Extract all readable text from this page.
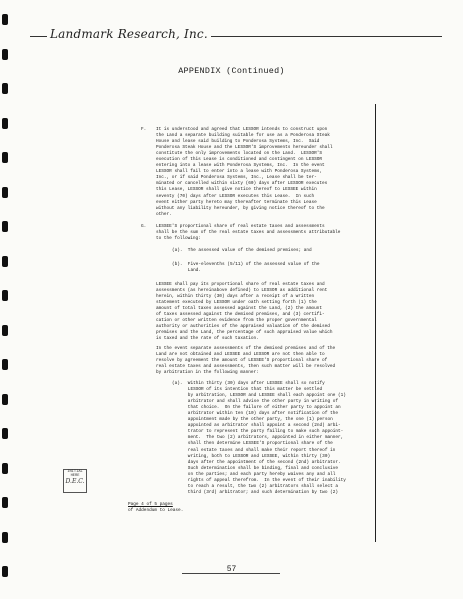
Landmark Research, Inc.
APPENDIX (Continued)
F. It is understood and agreed that LESSOR intends to construct upon
the Land a separate building suitable for use as a Ponderosa Steak
House and lease said building to Ponderosa Systems, Inc.  Said
Ponderosa Steak House and the LESSOR'S improvements hereunder shall
constitute the only improvements located on the Land.  LESSOR'S
execution of this Lease is conditioned and contingent on LESSOR
entering into a lease with Ponderosa Systems, Inc.  In the event
LESSOR shall fail to enter into a lease with Ponderosa Systems,
Inc., or if said Ponderosa Systems, Inc., Lease shall be ter-
minated or cancelled within sixty (60) days after LESSOR executes
this Lease, LESSOR shall give notice thereof to LESSEE within
seventy (70) days after LESSOR executes this Lease.  In such
event either party hereto may thereafter terminate this Lease
without any liability hereunder, by giving notice thereof to the
other.
G. LESSEE'S proportional share of real estate taxes and assessments
shall be the sum of the real estate taxes and assessments attributable
to the following:
(a).  The assessed value of the demised premises; and
(b).  Five-elevenths (5/11) of the assessed value of the
Land.
LESSEE shall pay its proportional share of real estate taxes and
assessments (as hereinabove defined) to LESSOR as additional rent
herein, within thirty (30) days after a receipt of a written
statement executed by LESSOR under oath setting forth (1) the
amount of total taxes assessed against the Land, (2) the amount
of taxes assessed against the demised premises, and (3) certifi-
cation or other written evidence from the proper governmental
authority or authorities of the appraised valuation of the demised
premises and the Land, the percentage of such appraised value which
is taxed and the rate of such taxation.
In the event separate assessments of the demised premises and of the
Land are not obtained and LESSEE and LESSOR are not then able to
resolve by agreement the amount of LESSEE'S proportional share of
real estate taxes and assessments, then such matter will be resolved
by arbitration in the following manner:
(a).  Within thirty (30) days after LESSEE shall so notify
LESSOR of its intention that this matter be settled
by arbitration, LESSOR and LESSEE shall each appoint one (1)
arbitrator and shall advise the other party in writing of
that choice.  On the failure of either party to appoint an
arbitrator within ten (10) days after notification of the
appointment made by the other party, the one (1) person
appointed as arbitrator shall appoint a second (2nd) arbi-
trator to represent the party failing to make such appoint-
ment.  The two (2) arbitrators, appointed in either manner,
shall then determine LESSEE'S proportional share of the
real estate taxes and shall make their report thereof in
writing, both to LESSOR and LESSEE, within thirty (30)
days after the appointment of the second (2nd) arbitrator.
Such determination shall be binding, final and conclusive
on the parties; and each party hereby waives any and all
rights of appeal therefrom.  In the event of their inability
to reach a result, the two (2) arbitrators shall select a
third (3rd) arbitrator; and such determination by two (2)
INITIAL HERE
D.E.C.
Page 4 of 5 pages
of Addendum to Lease.
57
